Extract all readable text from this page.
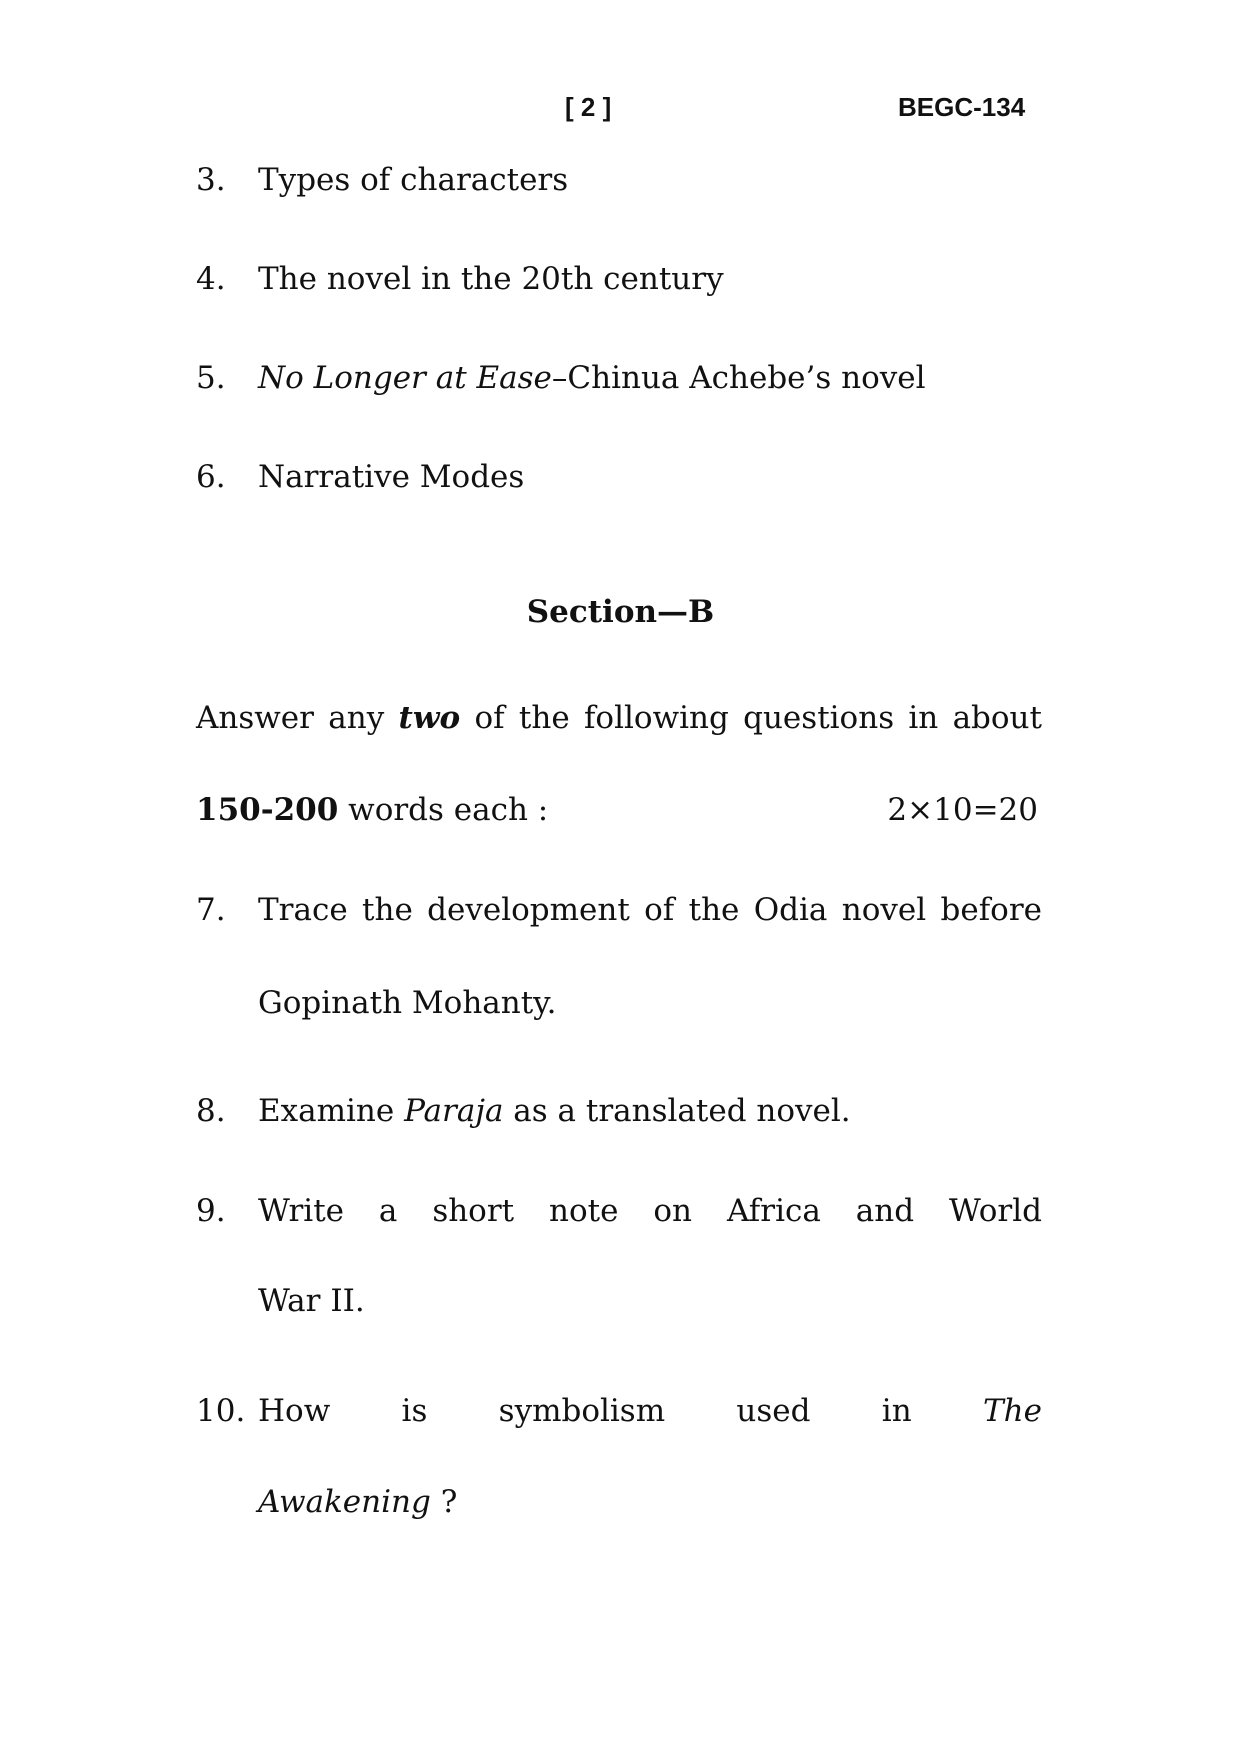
[ 2 ]	BEGC-134
3. Types of characters
4. The novel in the 20th century
5. No Longer at Ease–Chinua Achebe’s novel
6. Narrative Modes
Section—B
Answer any two of the following questions in about
150-200 words each :	2×10=20
7. Trace the development of the Odia novel before
Gopinath Mohanty.
8. Examine Paraja as a translated novel.
9. Write a short note on Africa and World
War II.
10. How is symbolism used in The
Awakening ?
